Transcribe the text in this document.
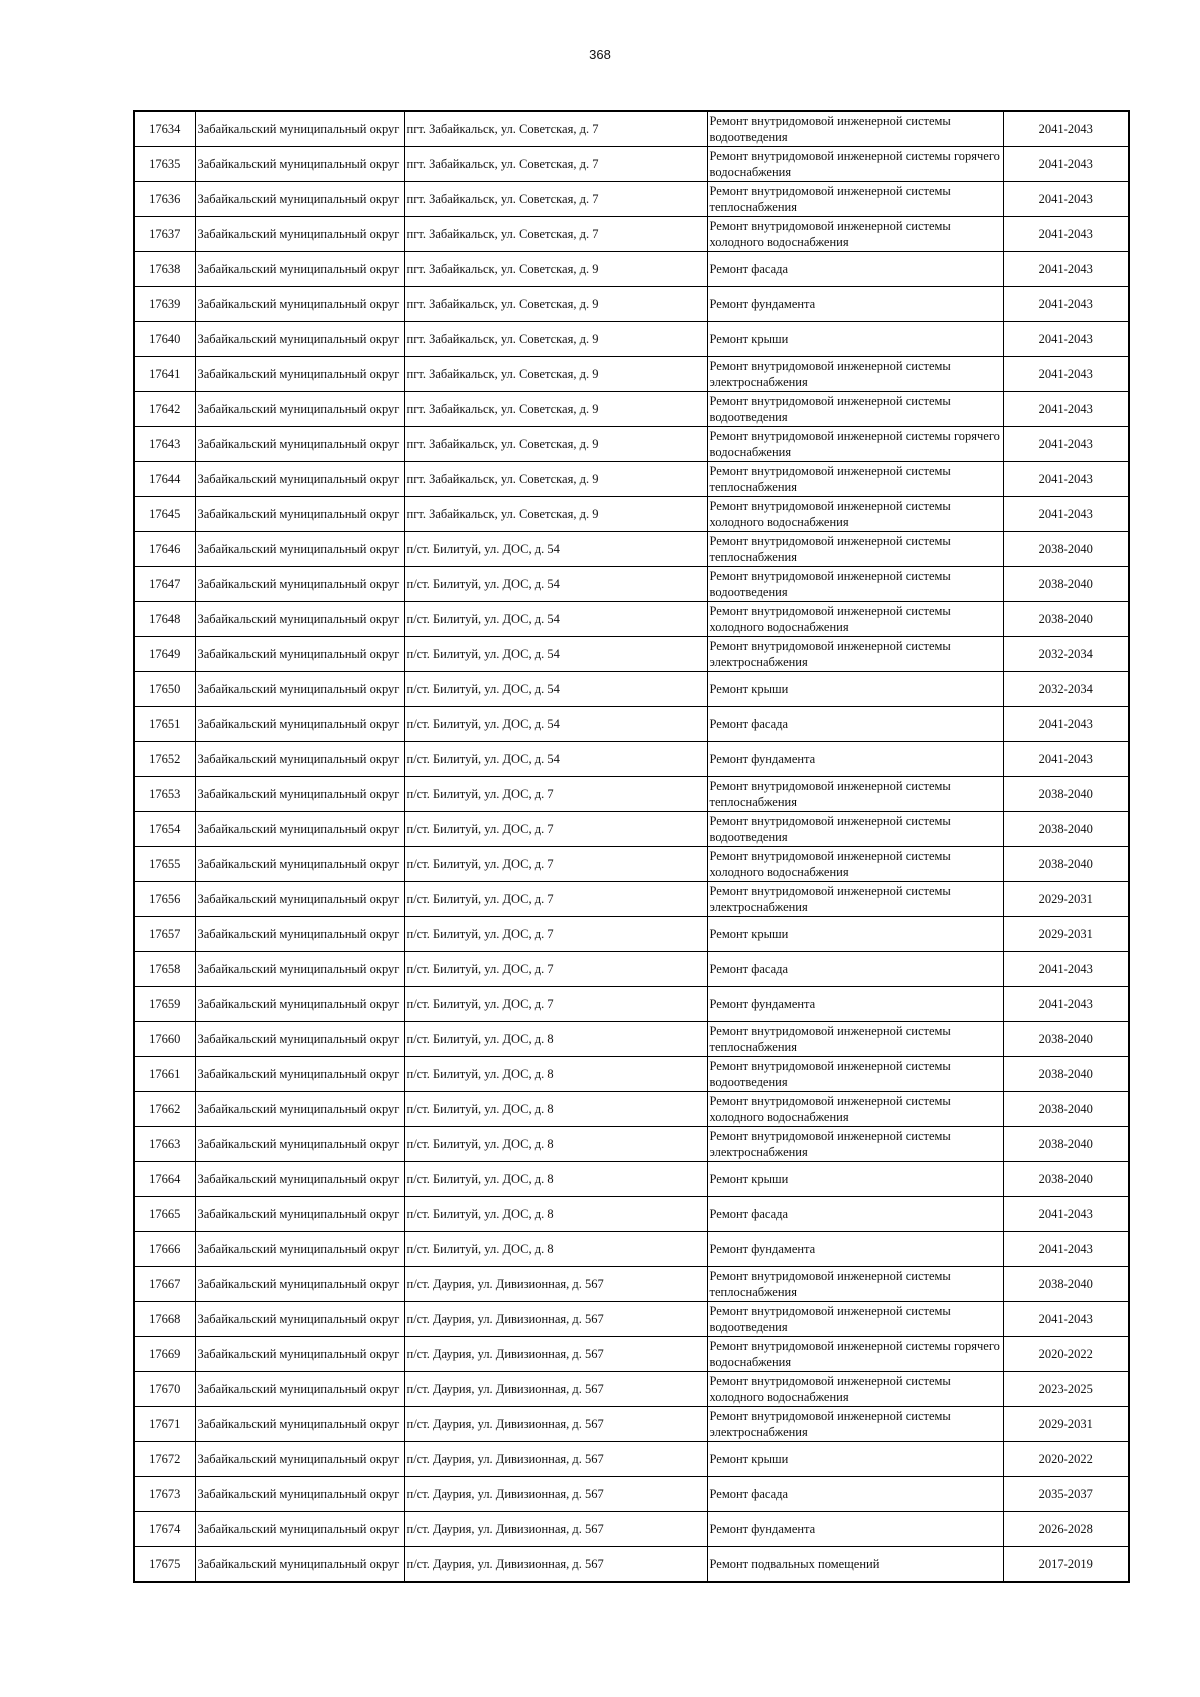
368
17634	Забайкальский муниципальный округ	пгт. Забайкальск, ул. Советская, д. 7	Ремонт внутридомовой инженерной системы водоотведения	2041-2043
17635	Забайкальский муниципальный округ	пгт. Забайкальск, ул. Советская, д. 7	Ремонт внутридомовой инженерной системы горячего водоснабжения	2041-2043
17636	Забайкальский муниципальный округ	пгт. Забайкальск, ул. Советская, д. 7	Ремонт внутридомовой инженерной системы теплоснабжения	2041-2043
17637	Забайкальский муниципальный округ	пгт. Забайкальск, ул. Советская, д. 7	Ремонт внутридомовой инженерной системы холодного водоснабжения	2041-2043
17638	Забайкальский муниципальный округ	пгт. Забайкальск, ул. Советская, д. 9	Ремонт фасада	2041-2043
17639	Забайкальский муниципальный округ	пгт. Забайкальск, ул. Советская, д. 9	Ремонт фундамента	2041-2043
17640	Забайкальский муниципальный округ	пгт. Забайкальск, ул. Советская, д. 9	Ремонт крыши	2041-2043
17641	Забайкальский муниципальный округ	пгт. Забайкальск, ул. Советская, д. 9	Ремонт внутридомовой инженерной системы электроснабжения	2041-2043
17642	Забайкальский муниципальный округ	пгт. Забайкальск, ул. Советская, д. 9	Ремонт внутридомовой инженерной системы водоотведения	2041-2043
17643	Забайкальский муниципальный округ	пгт. Забайкальск, ул. Советская, д. 9	Ремонт внутридомовой инженерной системы горячего водоснабжения	2041-2043
17644	Забайкальский муниципальный округ	пгт. Забайкальск, ул. Советская, д. 9	Ремонт внутридомовой инженерной системы теплоснабжения	2041-2043
17645	Забайкальский муниципальный округ	пгт. Забайкальск, ул. Советская, д. 9	Ремонт внутридомовой инженерной системы холодного водоснабжения	2041-2043
17646	Забайкальский муниципальный округ	п/ст. Билитуй, ул. ДОС, д. 54	Ремонт внутридомовой инженерной системы теплоснабжения	2038-2040
17647	Забайкальский муниципальный округ	п/ст. Билитуй, ул. ДОС, д. 54	Ремонт внутридомовой инженерной системы водоотведения	2038-2040
17648	Забайкальский муниципальный округ	п/ст. Билитуй, ул. ДОС, д. 54	Ремонт внутридомовой инженерной системы холодного водоснабжения	2038-2040
17649	Забайкальский муниципальный округ	п/ст. Билитуй, ул. ДОС, д. 54	Ремонт внутридомовой инженерной системы электроснабжения	2032-2034
17650	Забайкальский муниципальный округ	п/ст. Билитуй, ул. ДОС, д. 54	Ремонт крыши	2032-2034
17651	Забайкальский муниципальный округ	п/ст. Билитуй, ул. ДОС, д. 54	Ремонт фасада	2041-2043
17652	Забайкальский муниципальный округ	п/ст. Билитуй, ул. ДОС, д. 54	Ремонт фундамента	2041-2043
17653	Забайкальский муниципальный округ	п/ст. Билитуй, ул. ДОС, д. 7	Ремонт внутридомовой инженерной системы теплоснабжения	2038-2040
17654	Забайкальский муниципальный округ	п/ст. Билитуй, ул. ДОС, д. 7	Ремонт внутридомовой инженерной системы водоотведения	2038-2040
17655	Забайкальский муниципальный округ	п/ст. Билитуй, ул. ДОС, д. 7	Ремонт внутридомовой инженерной системы холодного водоснабжения	2038-2040
17656	Забайкальский муниципальный округ	п/ст. Билитуй, ул. ДОС, д. 7	Ремонт внутридомовой инженерной системы электроснабжения	2029-2031
17657	Забайкальский муниципальный округ	п/ст. Билитуй, ул. ДОС, д. 7	Ремонт крыши	2029-2031
17658	Забайкальский муниципальный округ	п/ст. Билитуй, ул. ДОС, д. 7	Ремонт фасада	2041-2043
17659	Забайкальский муниципальный округ	п/ст. Билитуй, ул. ДОС, д. 7	Ремонт фундамента	2041-2043
17660	Забайкальский муниципальный округ	п/ст. Билитуй, ул. ДОС, д. 8	Ремонт внутридомовой инженерной системы теплоснабжения	2038-2040
17661	Забайкальский муниципальный округ	п/ст. Билитуй, ул. ДОС, д. 8	Ремонт внутридомовой инженерной системы водоотведения	2038-2040
17662	Забайкальский муниципальный округ	п/ст. Билитуй, ул. ДОС, д. 8	Ремонт внутридомовой инженерной системы холодного водоснабжения	2038-2040
17663	Забайкальский муниципальный округ	п/ст. Билитуй, ул. ДОС, д. 8	Ремонт внутридомовой инженерной системы электроснабжения	2038-2040
17664	Забайкальский муниципальный округ	п/ст. Билитуй, ул. ДОС, д. 8	Ремонт крыши	2038-2040
17665	Забайкальский муниципальный округ	п/ст. Билитуй, ул. ДОС, д. 8	Ремонт фасада	2041-2043
17666	Забайкальский муниципальный округ	п/ст. Билитуй, ул. ДОС, д. 8	Ремонт фундамента	2041-2043
17667	Забайкальский муниципальный округ	п/ст. Даурия, ул. Дивизионная, д. 567	Ремонт внутридомовой инженерной системы теплоснабжения	2038-2040
17668	Забайкальский муниципальный округ	п/ст. Даурия, ул. Дивизионная, д. 567	Ремонт внутридомовой инженерной системы водоотведения	2041-2043
17669	Забайкальский муниципальный округ	п/ст. Даурия, ул. Дивизионная, д. 567	Ремонт внутридомовой инженерной системы горячего водоснабжения	2020-2022
17670	Забайкальский муниципальный округ	п/ст. Даурия, ул. Дивизионная, д. 567	Ремонт внутридомовой инженерной системы холодного водоснабжения	2023-2025
17671	Забайкальский муниципальный округ	п/ст. Даурия, ул. Дивизионная, д. 567	Ремонт внутридомовой инженерной системы электроснабжения	2029-2031
17672	Забайкальский муниципальный округ	п/ст. Даурия, ул. Дивизионная, д. 567	Ремонт крыши	2020-2022
17673	Забайкальский муниципальный округ	п/ст. Даурия, ул. Дивизионная, д. 567	Ремонт фасада	2035-2037
17674	Забайкальский муниципальный округ	п/ст. Даурия, ул. Дивизионная, д. 567	Ремонт фундамента	2026-2028
17675	Забайкальский муниципальный округ	п/ст. Даурия, ул. Дивизионная, д. 567	Ремонт подвальных помещений	2017-2019
